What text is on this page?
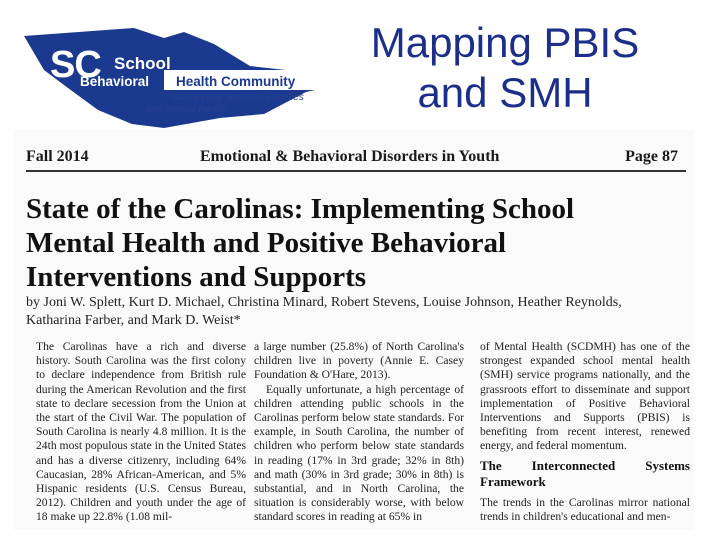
SC School
Behavioral Health Community
Connecting Schools, Families
and Mental Health
Mapping PBIS
and SMH
Fall 2014	Emotional & Behavioral Disorders in Youth	Page 87
State of the Carolinas: Implementing School Mental Health and Positive Behavioral Interventions and Supports
by Joni W. Splett, Kurt D. Michael, Christina Minard, Robert Stevens, Louise Johnson, Heather Reynolds, Katharina Farber, and Mark D. Weist*

The Carolinas have a rich and diverse history. South Carolina was the first colony to declare independence from British rule during the American Revolution and the first state to declare secession from the Union at the start of the Civil War. The population of South Carolina is nearly 4.8 million. It is the 24th most populous state in the United States and has a diverse citizenry, including 64% Caucasian, 28% African-American, and 5% Hispanic residents (U.S. Census Bureau, 2012). Children and youth under the age of 18 make up 22.8% (1.08 mil-

a large number (25.8%) of North Carolina's children live in poverty (Annie E. Casey Foundation & O'Hare, 2013).

Equally unfortunate, a high percentage of children attending public schools in the Carolinas perform below state standards. For example, in South Carolina, the number of children who perform below state standards in reading (17% in 3rd grade; 32% in 8th) and math (30% in 3rd grade; 30% in 8th) is substantial, and in North Carolina, the situation is considerably worse, with below standard scores in reading at 65% in

of Mental Health (SCDMH) has one of the strongest expanded school mental health (SMH) service programs nationally, and the grassroots effort to disseminate and support implementation of Positive Behavioral Interventions and Supports (PBIS) is benefiting from recent interest, renewed energy, and federal momentum.

The Interconnected Systems Framework

The trends in the Carolinas mirror national trends in children's educational and men-
